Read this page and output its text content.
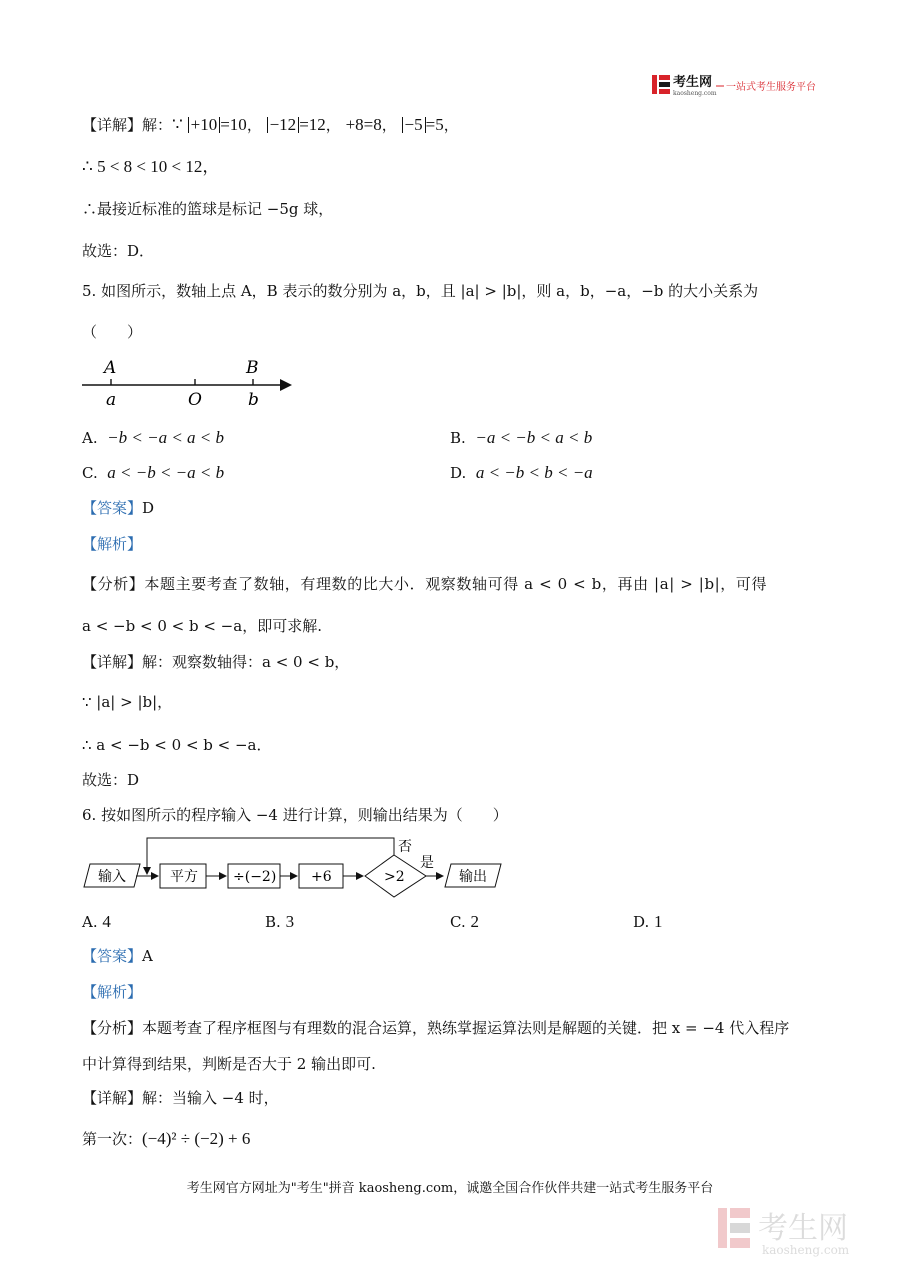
考生网
kaosheng.com
一站式考生服务平台
【详解】解：∵ +10 =10， −12 =12， +8=8， −5 =5，
∴ 5 < 8 < 10 < 12，
∴最接近标准的篮球是标记 −5g 球，
故选：D．
5. 如图所示，数轴上点 A，B 表示的数分别为 a，b，且 |a| > |b|，则 a，b，−a，−b 的大小关系为
（　　）
A	B
a	O	b
A. −b < −a < a < b	B. −a < −b < a < b
C. a < −b < −a < b	D. a < −b < b < −a
【答案】D
【解析】
【分析】本题主要考查了数轴，有理数的比大小．观察数轴可得 a < 0 < b，再由 |a| > |b|，可得
a < −b < 0 < b < −a，即可求解.
【详解】解：观察数轴得：a < 0 < b，
∵ |a| > |b|，
∴ a < −b < 0 < b < −a．
故选：D
6. 按如图所示的程序输入 −4 进行计算，则输出结果为（　　）
输入	平方	÷(−2) +6	>2
否
是
输出
A. 4	B. 3	C. 2	D. 1
【答案】A
【解析】
【分析】本题考查了程序框图与有理数的混合运算，熟练掌握运算法则是解题的关键．把 x = −4 代入程序
中计算得到结果，判断是否大于 2 输出即可.
【详解】解：当输入 −4 时，
第一次：(−4)² ÷ (−2) + 6
考生网官方网址为"考生"拼音 kaosheng.com，诚邀全国合作伙伴共建一站式考生服务平台
考生网
kaosheng.com
